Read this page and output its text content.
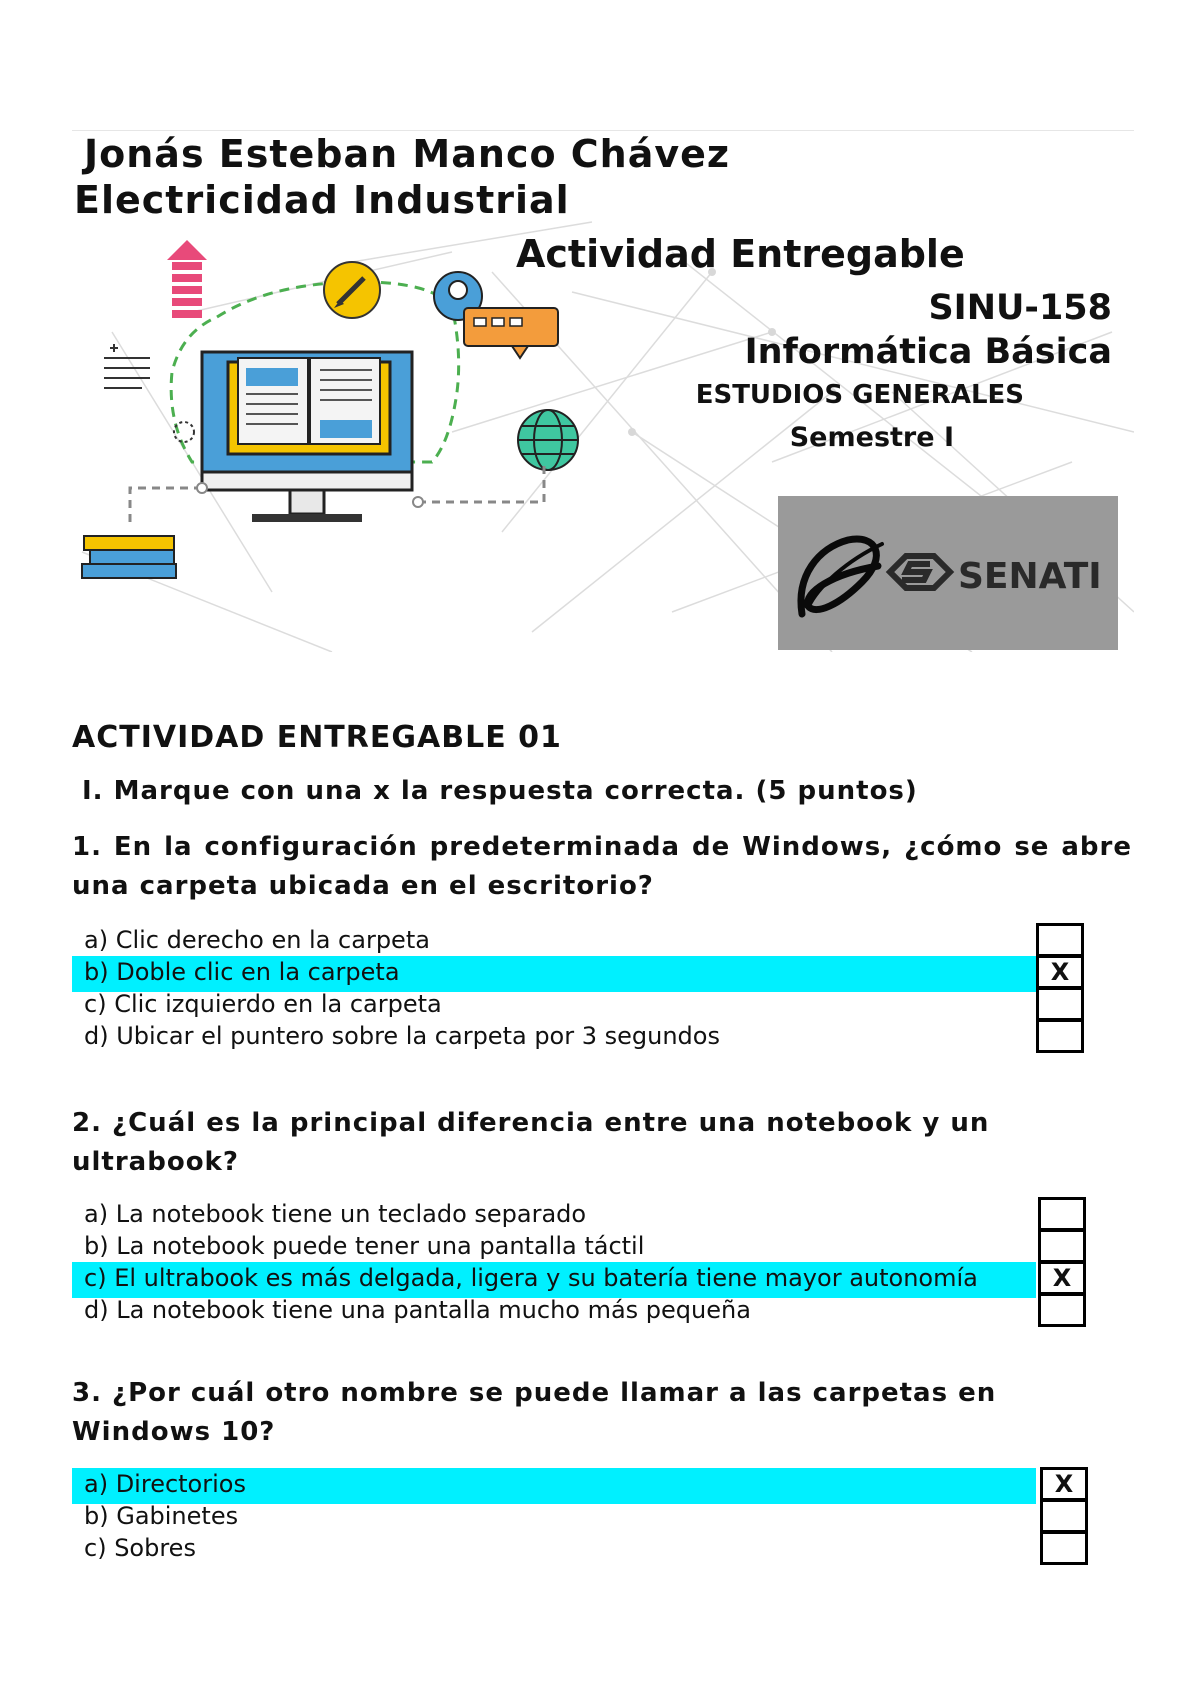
Jonás Esteban Manco Chávez
Electricidad Industrial
Actividad Entregable
SINU-158
Informática Básica
ESTUDIOS GENERALES
Semestre I
SENATI
ACTIVIDAD ENTREGABLE 01
I. Marque con una x la respuesta correcta. (5 puntos)
1. En la configuración predeterminada de Windows, ¿cómo se abre una carpeta ubicada en el escritorio?
a) Clic derecho en la carpeta
b) Doble clic en la carpeta	X
c) Clic izquierdo en la carpeta
d) Ubicar el puntero sobre la carpeta por 3 segundos
2. ¿Cuál es la principal diferencia entre una notebook y un ultrabook?
a) La notebook tiene un teclado separado
b) La notebook puede tener una pantalla táctil
c) El ultrabook es más delgada, ligera y su batería tiene mayor autonomía	X
d) La notebook tiene una pantalla mucho más pequeña
3. ¿Por cuál otro nombre se puede llamar a las carpetas en Windows 10?
a) Directorios	X
b) Gabinetes
c) Sobres
